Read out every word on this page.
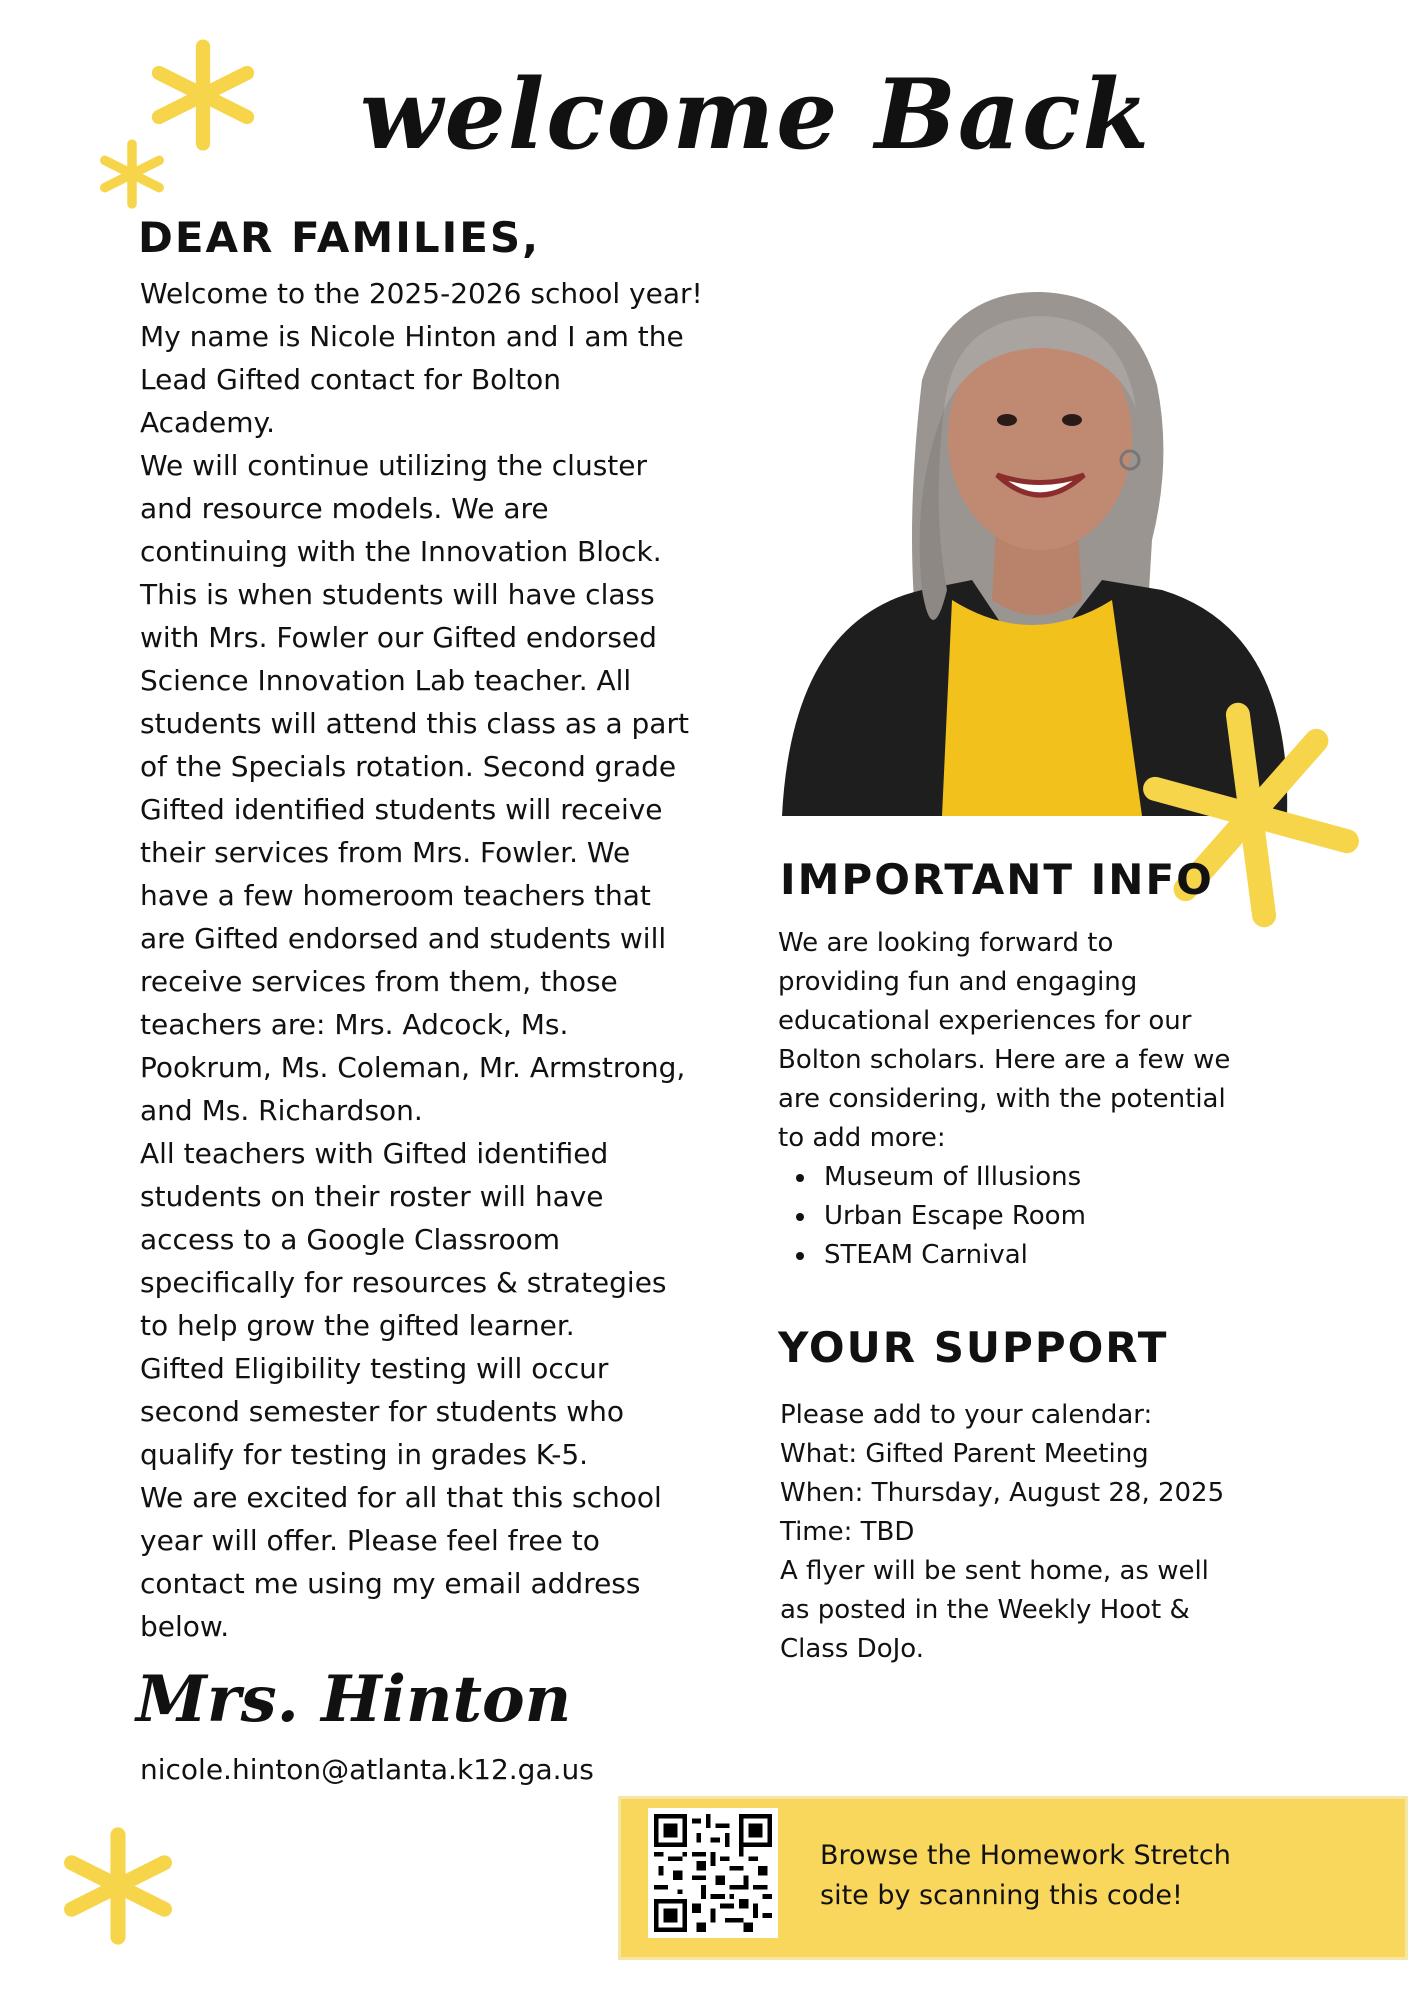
welcome Back
DEAR FAMILIES,
Welcome to the 2025-2026 school year!
My name is Nicole Hinton and I am the
Lead Gifted contact for Bolton
Academy.
We will continue utilizing the cluster
and resource models. We are
continuing with the Innovation Block.
This is when students will have class
with Mrs. Fowler our Gifted endorsed
Science Innovation Lab teacher. All
students will attend this class as a part
of the Specials rotation. Second grade
Gifted identified students will receive
their services from Mrs. Fowler. We
have a few homeroom teachers that
are Gifted endorsed and students will
receive services from them, those
teachers are: Mrs. Adcock, Ms.
Pookrum, Ms. Coleman, Mr. Armstrong,
and Ms. Richardson.
All teachers with Gifted identified
students on their roster will have
access to a Google Classroom
specifically for resources & strategies
to help grow the gifted learner.
Gifted Eligibility testing will occur
second semester for students who
qualify for testing in grades K-5.
We are excited for all that this school
year will offer. Please feel free to
contact me using my email address
below.
Mrs. Hinton
nicole.hinton@atlanta.k12.ga.us
IMPORTANT INFO
We are looking forward to
providing fun and engaging
educational experiences for our
Bolton scholars. Here are a few we
are considering, with the potential
to add more:
Museum of Illusions
Urban Escape Room
STEAM Carnival
YOUR SUPPORT
Please add to your calendar:
What: Gifted Parent Meeting
When: Thursday, August 28, 2025
Time: TBD
A flyer will be sent home, as well
as posted in the Weekly Hoot &
Class DoJo.
Browse the Homework Stretch
site by scanning this code!
